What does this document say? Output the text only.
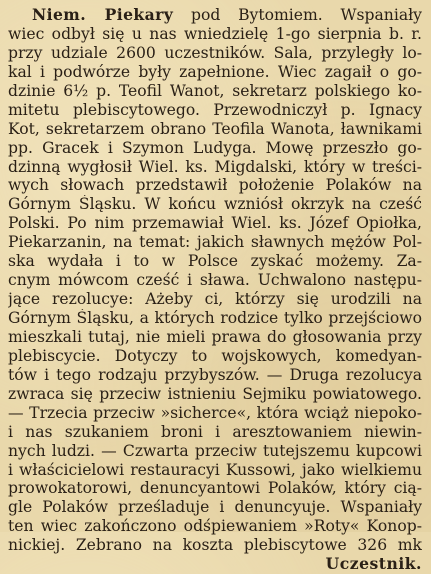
Niem. Piekary pod Bytomiem. Wspaniały
wiec odbył się u nas wniedzielę 1-go sierpnia b. r.
przy udziale 2600 uczestników. Sala, przyległy lo-
kal i podwórze były zapełnione. Wiec zagaił o go-
dzinie 6½ p. Teofil Wanot, sekretarz polskiego ko-
mitetu plebiscytowego. Przewodniczył p. Ignacy
Kot, sekretarzem obrano Teofila Wanota, ławnikami
pp. Gracek i Szymon Ludyga. Mowę przeszło go-
dzinną wygłosił Wiel. ks. Migdalski, który w treści-
wych słowach przedstawił położenie Polaków na
Górnym Śląsku. W końcu wzniósł okrzyk na cześć
Polski. Po nim przemawiał Wiel. ks. Józef Opiołka,
Piekarzanin, na temat: jakich sławnych mężów Pol-
ska wydała i to w Polsce zyskać możemy. Za-
cnym mówcom cześć i sława. Uchwalono następu-
jące rezolucye: Ażeby ci, którzy się urodzili na
Górnym Śląsku, a których rodzice tylko przejściowo
mieszkali tutaj, nie mieli prawa do głosowania przy
plebiscycie. Dotyczy to wojskowych, komedyan-
tów i tego rodzaju przybyszów. — Druga rezolucya
zwraca się przeciw istnieniu Sejmiku powiatowego.
— Trzecia przeciw »sicherce«, która wciąż niepoko-
i nas szukaniem broni i aresztowaniem niewin-
nych ludzi. — Czwarta przeciw tutejszemu kupcowi
i właścicielowi restauracyi Kussowi, jako wielkiemu
prowokatorowi, denuncyantowi Polaków, który cią-
gle Polaków prześladuje i denuncyuje. Wspaniały
ten wiec zakończono odśpiewaniem »Roty« Konop-
nickiej. Zebrano na koszta plebiscytowe 326 mk
Uczestnik.
